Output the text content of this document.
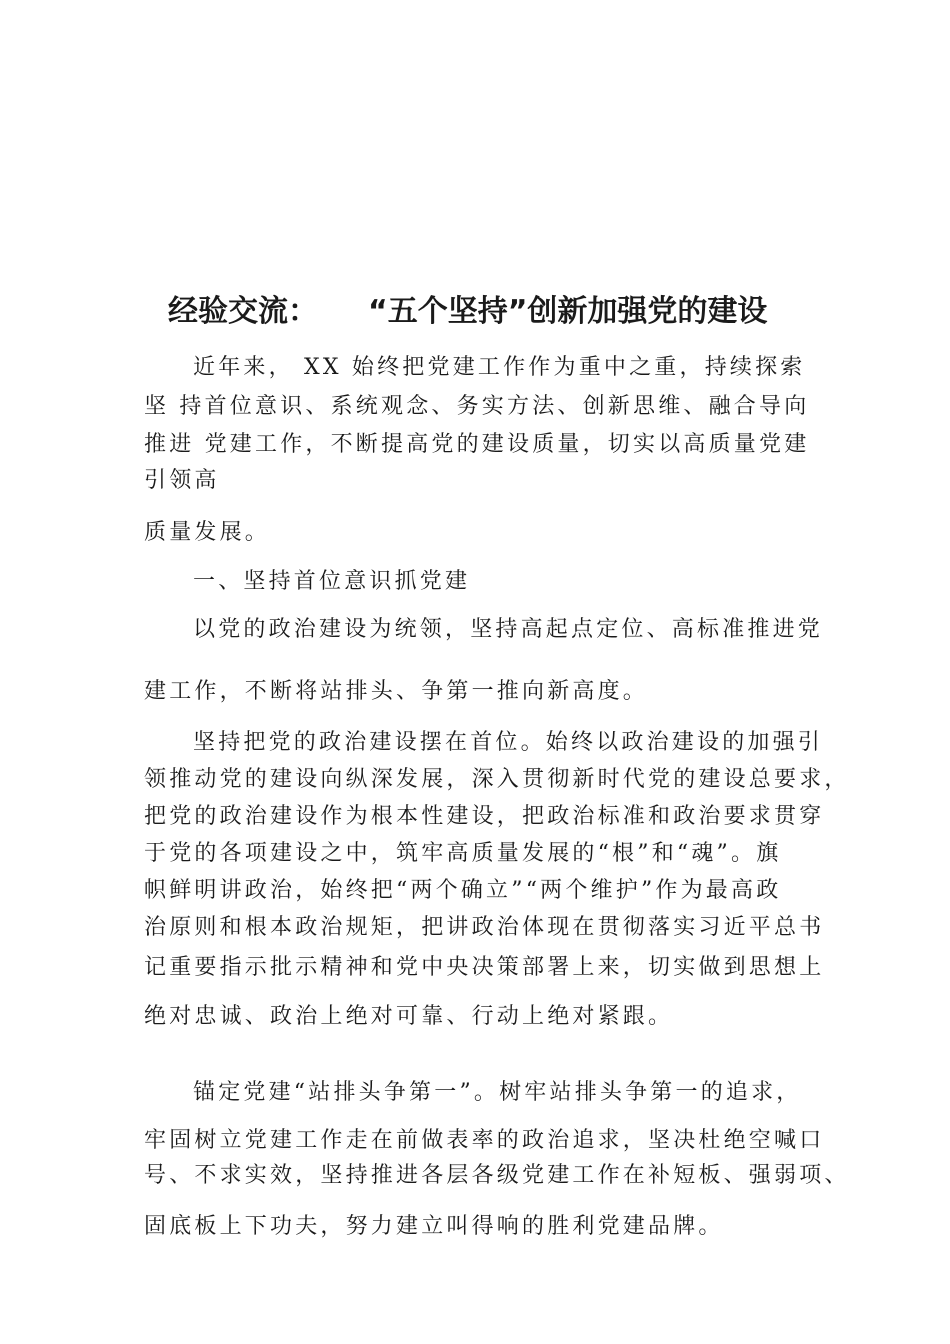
经验交流： “五个坚持”创新加强党的建设
近年来， XX 始终把党建工作作为重中之重，持续探索
坚 持首位意识、系统观念、务实方法、创新思维、融合导向
推进 党建工作，不断提高党的建设质量，切实以高质量党建
引领高
质量发展。
一、坚持首位意识抓党建
以党的政治建设为统领，坚持高起点定位、高标准推进党
建工作，不断将站排头、争第一推向新高度。
坚持把党的政治建设摆在首位。始终以政治建设的加强引
领推动党的建设向纵深发展，深入贯彻新时代党的建设总要求，
把党的政治建设作为根本性建设，把政治标准和政治要求贯穿
于党的各项建设之中，筑牢高质量发展的“根”和“魂”。旗
帜鲜明讲政治，始终把“两个确立”“两个维护”作为最高政
治原则和根本政治规矩，把讲政治体现在贯彻落实习近平总书
记重要指示批示精神和党中央决策部署上来，切实做到思想上
绝对忠诚、政治上绝对可靠、行动上绝对紧跟。
锚定党建“站排头争第一”。树牢站排头争第一的追求，
牢固树立党建工作走在前做表率的政治追求，坚决杜绝空喊口
号、不求实效，坚持推进各层各级党建工作在补短板、强弱项、
固底板上下功夫，努力建立叫得响的胜利党建品牌。
